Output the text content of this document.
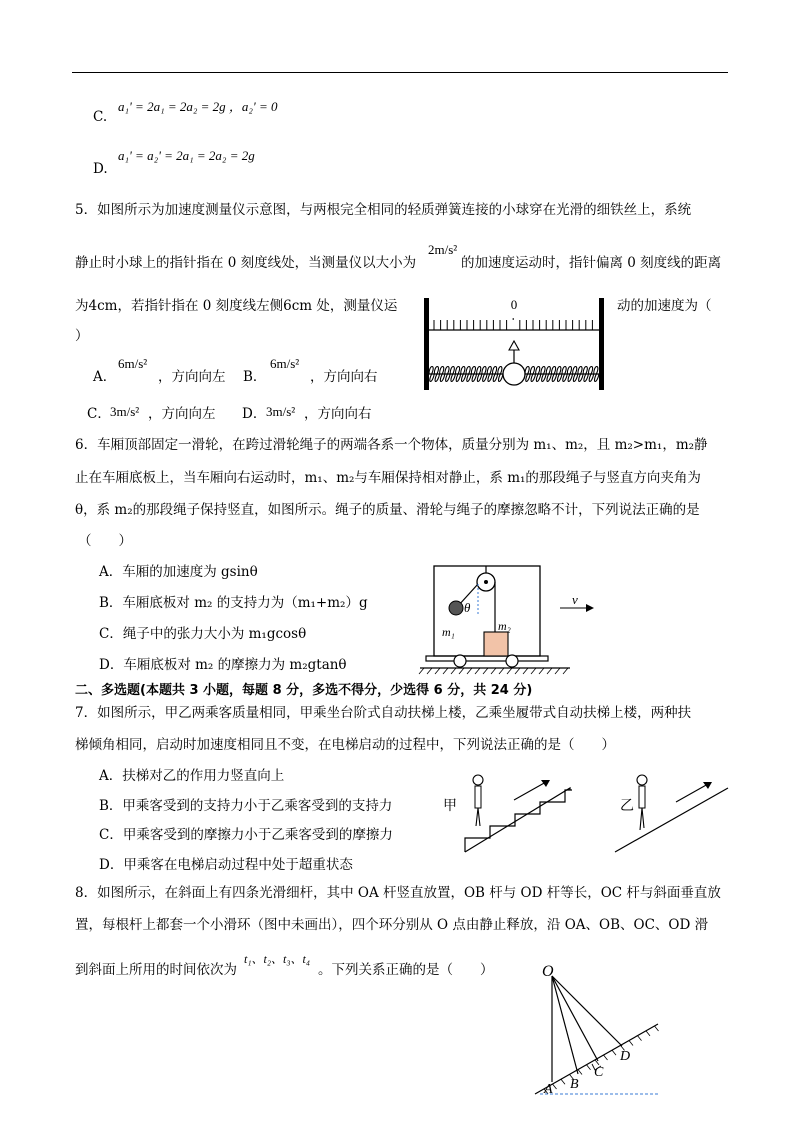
C.
a₁' = 2a₁ = 2a₂ = 2g ，a₂' = 0
D.
a₁' = a₂' = 2a₁ = 2a₂ = 2g
5．如图所示为加速度测量仪示意图，与两根完全相同的轻质弹簧连接的小球穿在光滑的细铁丝上，系统
静止时小球上的指针指在 0 刻度线处，当测量仪以大小为
2m/s²
的加速度运动时，指针偏离 0 刻度线的距离
为4cm，若指针指在 0 刻度线左侧6cm 处，测量仪运	动的加速度为（
）
A．
6m/s²
，方向向左 B．
6m/s²
，方向向右
C． 3m/s² ，方向向左 D． 3m/s² ，方向向右
0
6．车厢顶部固定一滑轮，在跨过滑轮绳子的两端各系一个物体，质量分别为 m₁、m₂，且 m₂>m₁，m₂静
止在车厢底板上，当车厢向右运动时，m₁、m₂与车厢保持相对静止，系 m₁的那段绳子与竖直方向夹角为
θ，系 m₂的那段绳子保持竖直，如图所示。绳子的质量、滑轮与绳子的摩擦忽略不计，下列说法正确的是
（　　）
A．车厢的加速度为 gsinθ
B．车厢底板对 m₂ 的支持力为（m₁+m₂）g
C．绳子中的张力大小为 m₁gcosθ
D．车厢底板对 m₂ 的摩擦力为 m₂gtanθ
θ
m₁	m₂
v
二、多选题(本题共 3 小题，每题 8 分，多选不得分，少选得 6 分，共 24 分)
7．如图所示，甲乙两乘客质量相同，甲乘坐台阶式自动扶梯上楼，乙乘坐履带式自动扶梯上楼，两种扶
梯倾角相同，启动时加速度相同且不变，在电梯启动的过程中，下列说法正确的是（　　）
A．扶梯对乙的作用力竖直向上
B．甲乘客受到的支持力小于乙乘客受到的支持力
C．甲乘客受到的摩擦力小于乙乘客受到的摩擦力
D．甲乘客在电梯启动过程中处于超重状态
甲	乙
8．如图所示，在斜面上有四条光滑细杆，其中 OA 杆竖直放置，OB 杆与 OD 杆等长，OC 杆与斜面垂直放
置，每根杆上都套一个小滑环（图中未画出），四个环分别从 O 点由静止释放，沿 OA、OB、OC、OD 滑
到斜面上所用的时间依次为
t₁、t₂、t₃、t₄
。下列关系正确的是（　　）	O
A B
C
D
